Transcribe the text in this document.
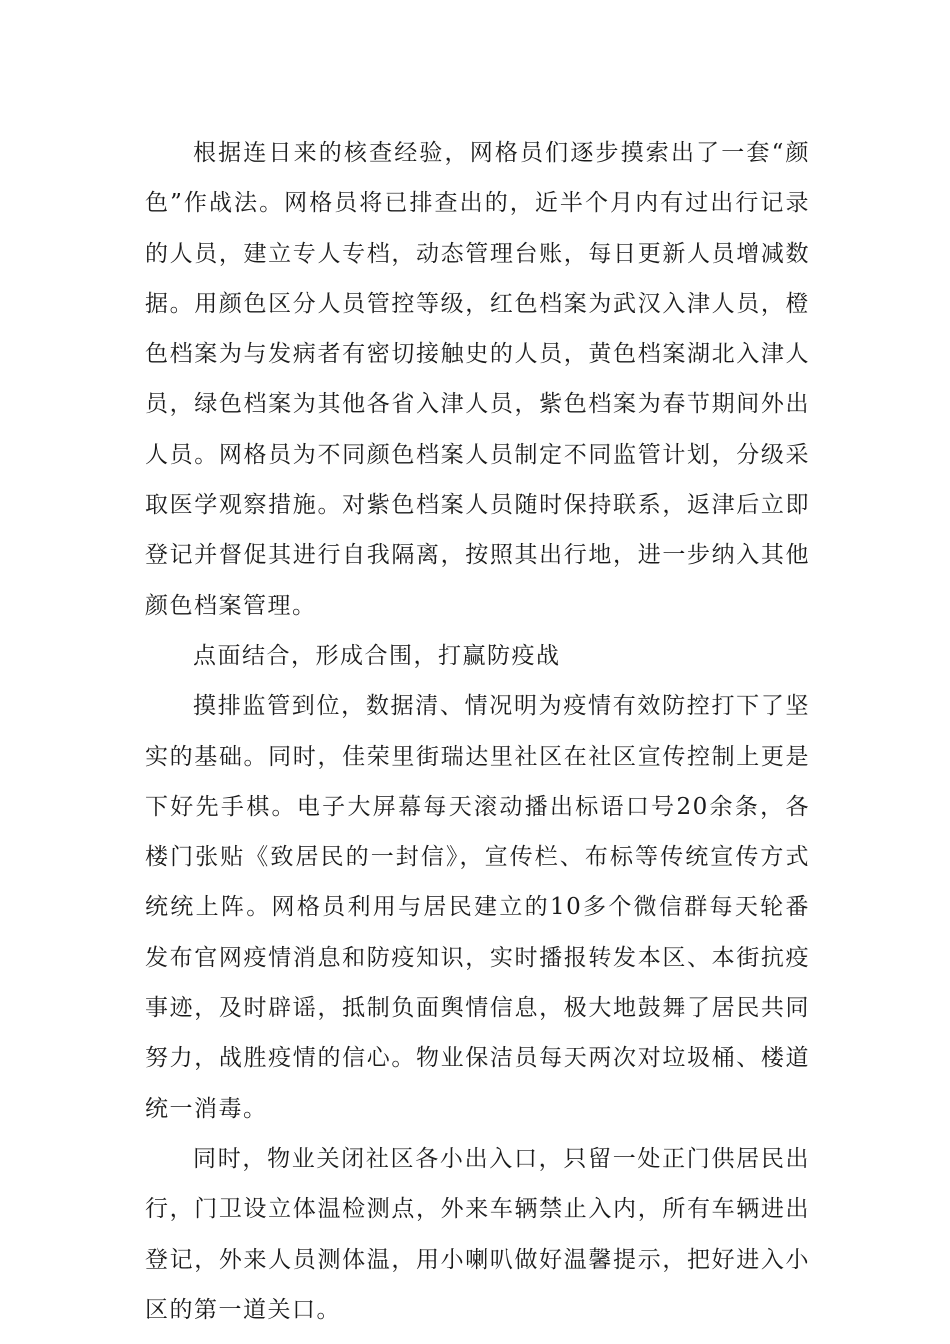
根据连日来的核查经验，网格员们逐步摸索出了一套“颜色”作战法。网格员将已排查出的，近半个月内有过出行记录的人员，建立专人专档，动态管理台账，每日更新人员增减数据。用颜色区分人员管控等级，红色档案为武汉入津人员，橙色档案为与发病者有密切接触史的人员，黄色档案湖北入津人员，绿色档案为其他各省入津人员，紫色档案为春节期间外出人员。网格员为不同颜色档案人员制定不同监管计划，分级采取医学观察措施。对紫色档案人员随时保持联系，返津后立即登记并督促其进行自我隔离，按照其出行地，进一步纳入其他颜色档案管理。

点面结合，形成合围，打赢防疫战

摸排监管到位，数据清、情况明为疫情有效防控打下了坚实的基础。同时，佳荣里街瑞达里社区在社区宣传控制上更是下好先手棋。电子大屏幕每天滚动播出标语口号20余条，各楼门张贴《致居民的一封信》，宣传栏、布标等传统宣传方式统统上阵。网格员利用与居民建立的10多个微信群每天轮番发布官网疫情消息和防疫知识，实时播报转发本区、本街抗疫事迹，及时辟谣，抵制负面舆情信息，极大地鼓舞了居民共同努力，战胜疫情的信心。物业保洁员每天两次对垃圾桶、楼道统一消毒。

同时，物业关闭社区各小出入口，只留一处正门供居民出行，门卫设立体温检测点，外来车辆禁止入内，所有车辆进出登记，外来人员测体温，用小喇叭做好温馨提示，把好进入小区的第一道关口。
